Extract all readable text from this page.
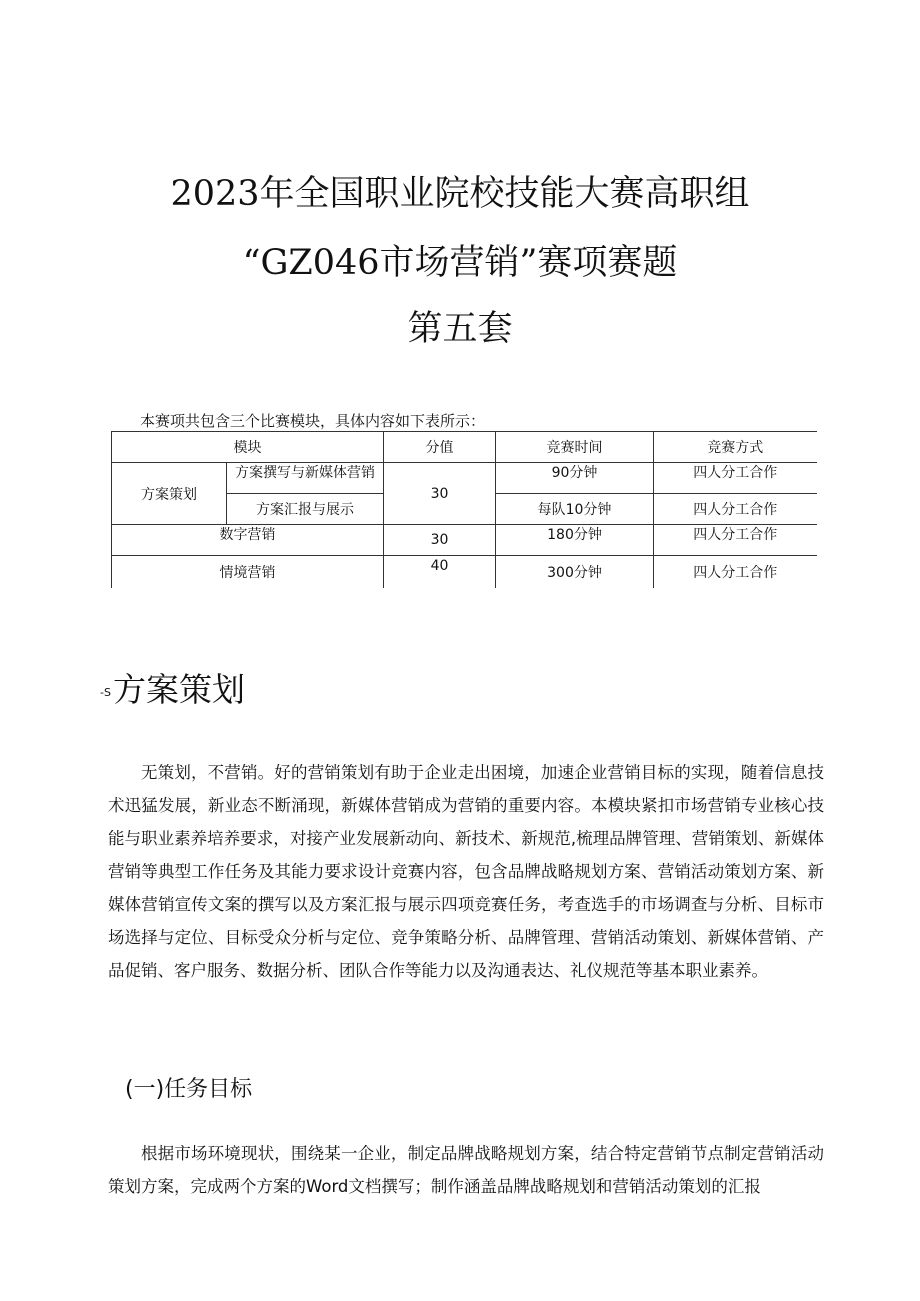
2023年全国职业院校技能大赛高职组
“GZ046市场营销”赛项赛题
第五套
本赛项共包含三个比赛模块，具体内容如下表所示：
模块		分值	竞赛时间	竞赛方式
方案策划	方案撰写与新媒体营销	30	90分钟	四人分工合作
	方案汇报与展示		每队10分钟	四人分工合作
数字营销		30	180分钟	四人分工合作
情境营销		40	300分钟	四人分工合作
-S方案策划

无策划，不营销。好的营销策划有助于企业走出困境，加速企业营销目标的实现，随着信息技术迅猛发展，新业态不断涌现，新媒体营销成为营销的重要内容。本模块紧扣市场营销专业核心技能与职业素养培养要求，对接产业发展新动向、新技术、新规范,梳理品牌管理、营销策划、新媒体营销等典型工作任务及其能力要求设计竞赛内容，包含品牌战略规划方案、营销活动策划方案、新媒体营销宣传文案的撰写以及方案汇报与展示四项竞赛任务，考查选手的市场调查与分析、目标市场选择与定位、目标受众分析与定位、竞争策略分析、品牌管理、营销活动策划、新媒体营销、产品促销、客户服务、数据分析、团队合作等能力以及沟通表达、礼仪规范等基本职业素养。

(一)任务目标

根据市场环境现状，围绕某一企业，制定品牌战略规划方案，结合特定营销节点制定营销活动策划方案，完成两个方案的Word文档撰写；制作涵盖品牌战略规划和营销活动策划的汇报
